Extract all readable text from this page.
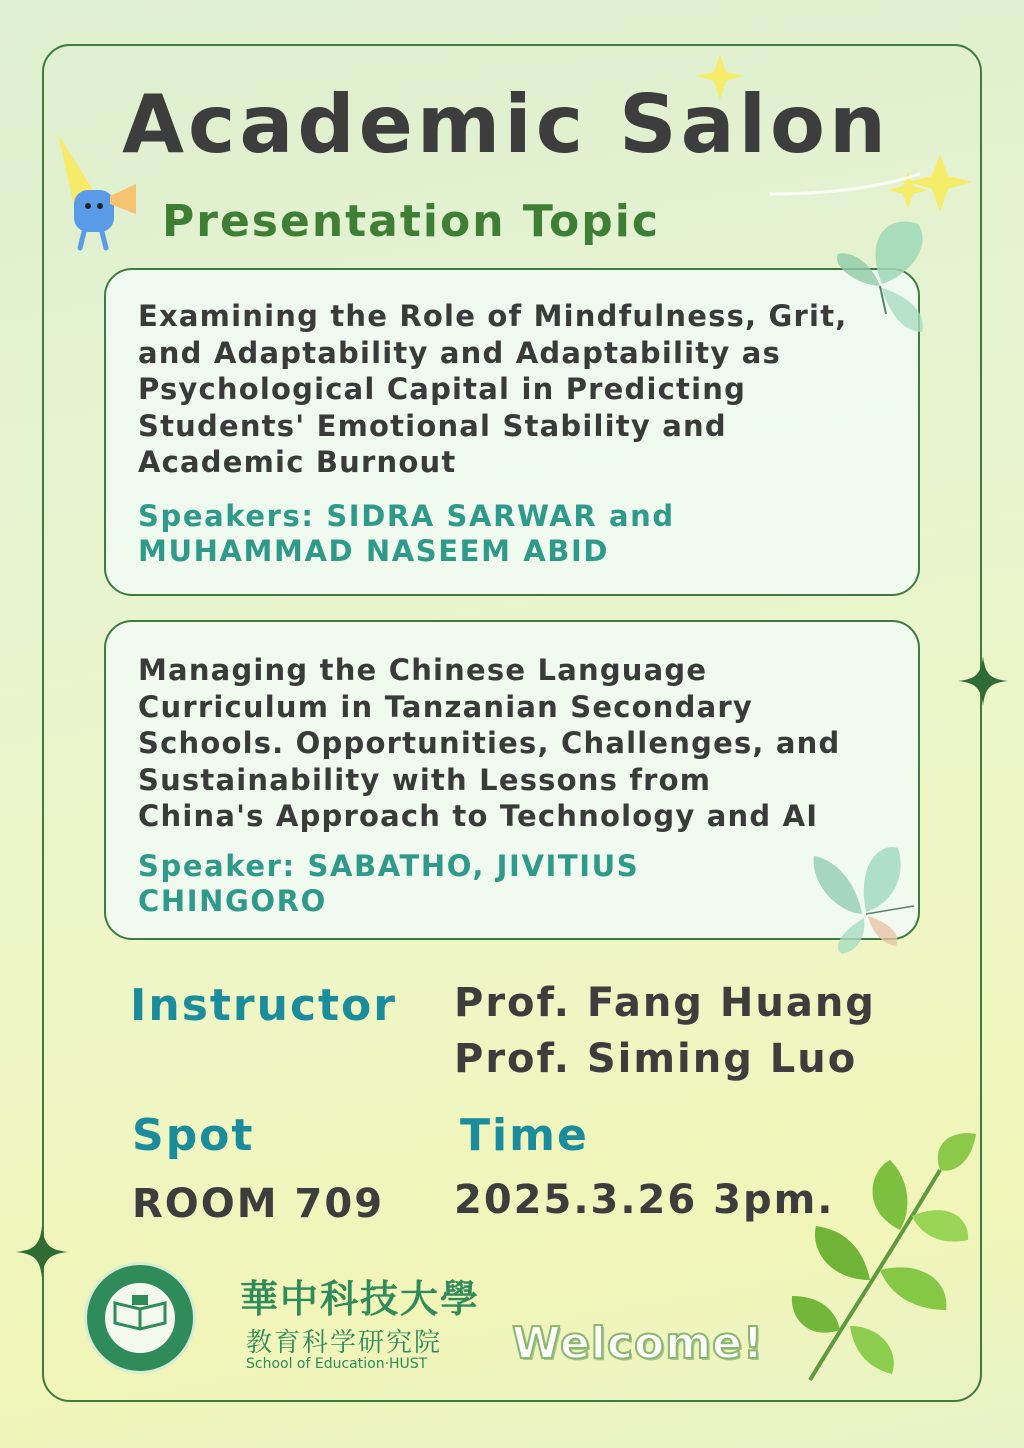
Academic Salon
Presentation Topic

Examining the Role of Mindfulness, Grit,
and Adaptability and Adaptability as
Psychological Capital in Predicting
Students' Emotional Stability and
Academic Burnout

Speakers: SIDRA SARWAR and
MUHAMMAD NASEEM ABID

Managing the Chinese Language
Curriculum in Tanzanian Secondary
Schools. Opportunities, Challenges, and
Sustainability with Lessons from
China's Approach to Technology and AI

Speaker: SABATHO, JIVITIUS
CHINGORO
Instructor Prof. Fang Huang
Prof. Siming Luo
Spot	Time
ROOM 709 2025.3.26 3pm.
華中科技大學
教育科学研究院
School of Education·HUST Welcome!
